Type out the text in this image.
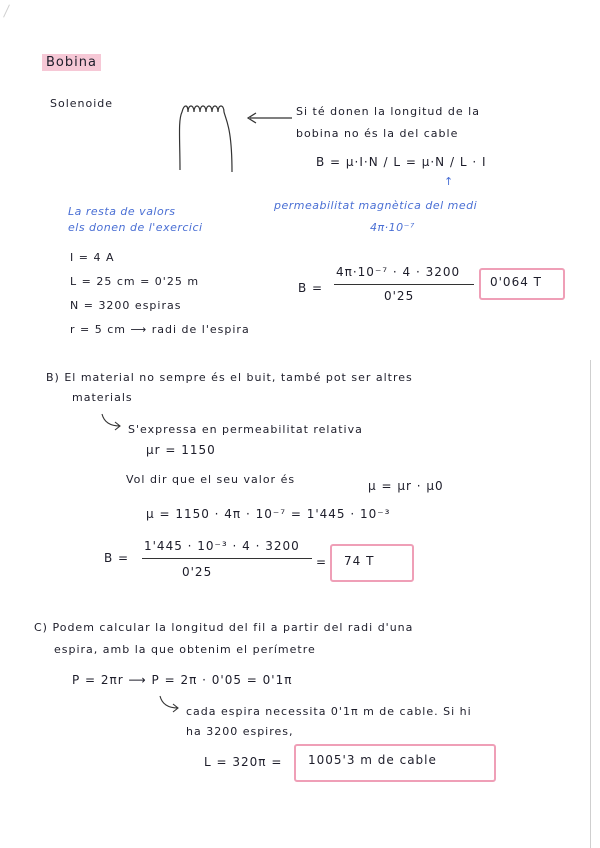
Bobina
Solenoide
Si té donen la longitud de la
bobina no és la del cable
B = μ·I·N / L = μ·N / L · I
↑
La resta de valors
els donen de l'exercici
permeabilitat magnètica del medi
4π·10⁻⁷
I = 4 A
L = 25 cm = 0'25 m
N = 3200 espiras
r = 5 cm ⟶ radi de l'espira
B =
4π·10⁻⁷ · 4 · 3200
0'25
0'064 T
B) El material no sempre és el buit, també pot ser altres
materials
S'expressa en permeabilitat relativa
μr = 1150
Vol dir que el seu valor és	μ = μr · μ0
μ = 1150 · 4π · 10⁻⁷ = 1'445 · 10⁻³
B =
1'445 · 10⁻³ · 4 · 3200
0'25
= 74 T
C) Podem calcular la longitud del fil a partir del radi d'una
espira, amb la que obtenim el perímetre
P = 2πr ⟶ P = 2π · 0'05 = 0'1π
cada espira necessita 0'1π m de cable. Si hi
ha 3200 espires,
L = 320π = 1005'3 m de cable
